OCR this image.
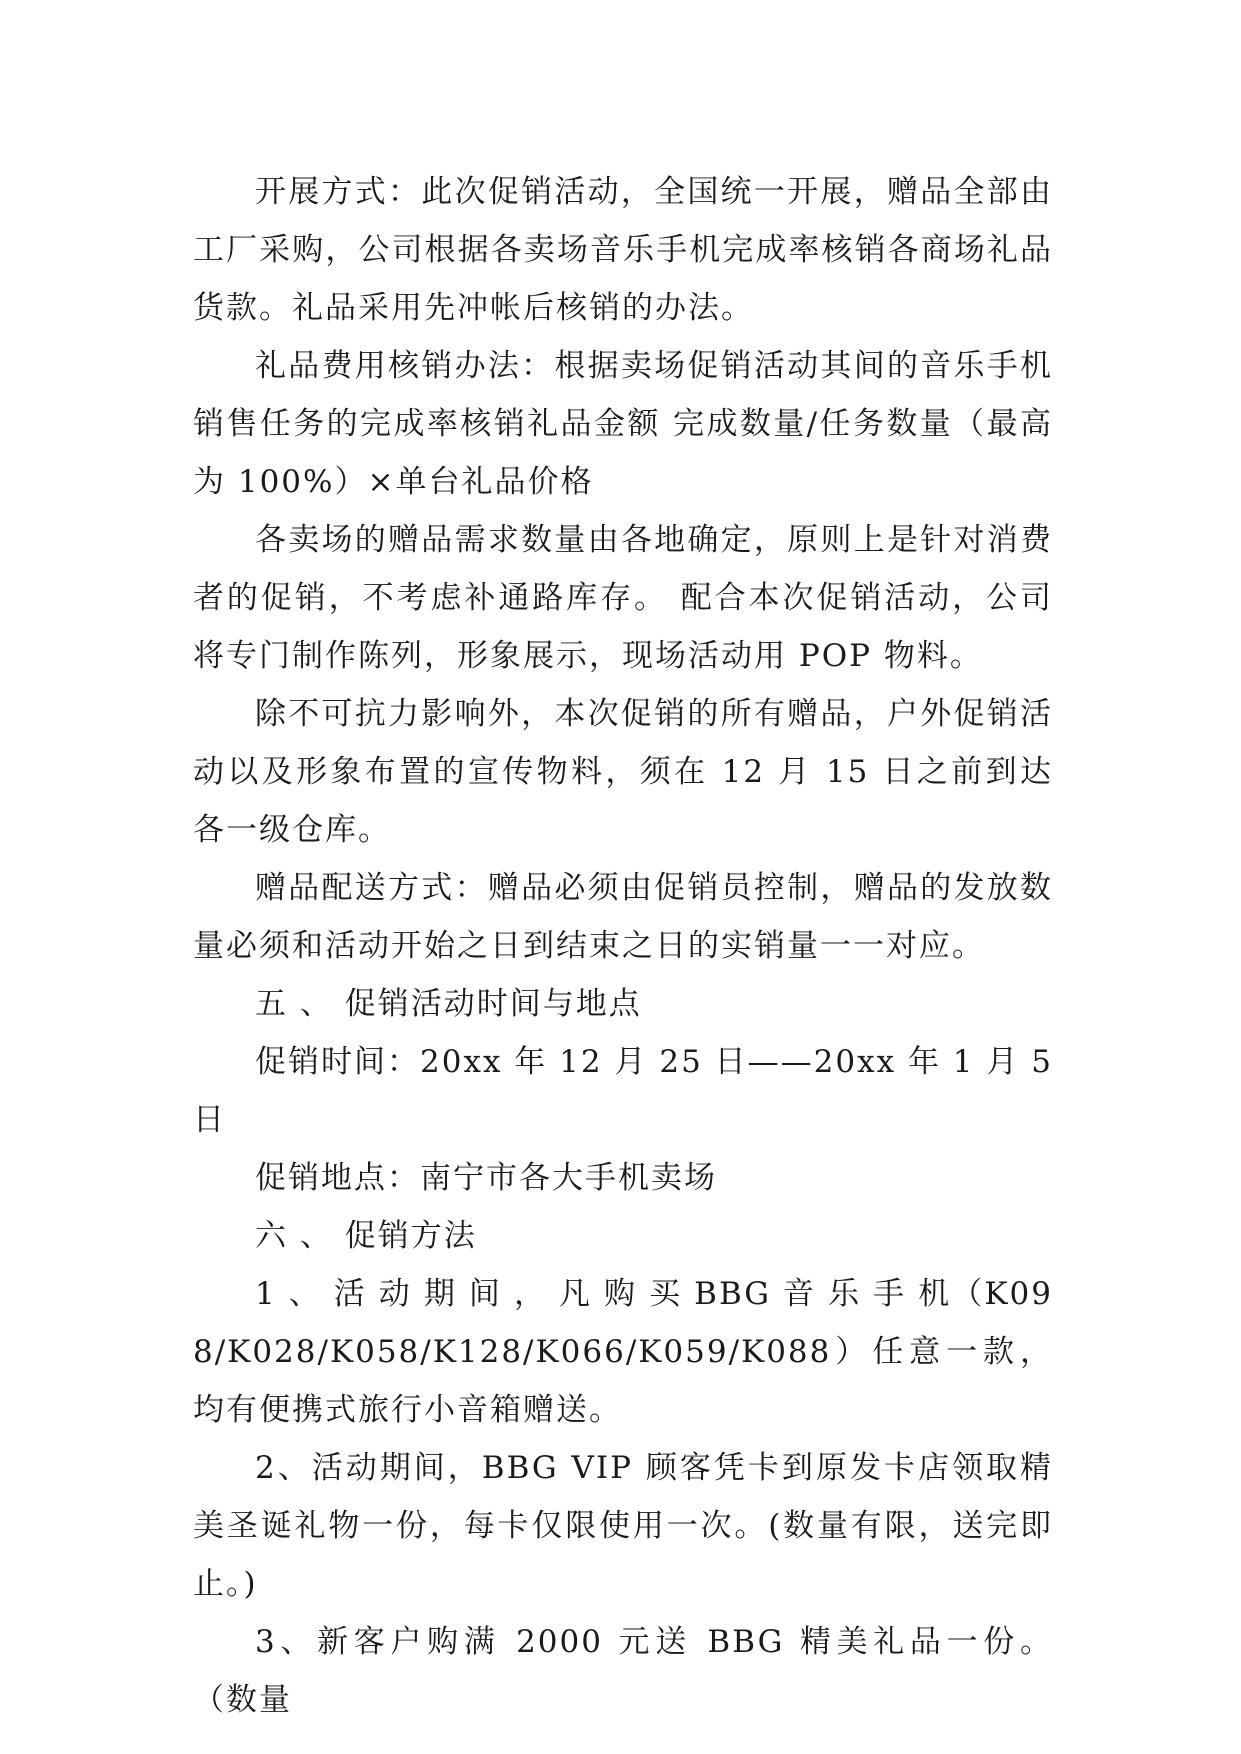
开展方式：此次促销活动，全国统一开展，赠品全部由工厂采购，公司根据各卖场音乐手机完成率核销各商场礼品货款。礼品采用先冲帐后核销的办法。

礼品费用核销办法：根据卖场促销活动其间的音乐手机销售任务的完成率核销礼品金额 完成数量/任务数量（最高为 100%）×单台礼品价格

各卖场的赠品需求数量由各地确定，原则上是针对消费者的促销，不考虑补通路库存。 配合本次促销活动，公司将专门制作陈列，形象展示，现场活动用 POP 物料。

除不可抗力影响外，本次促销的所有赠品，户外促销活动以及形象布置的宣传物料，须在 12 月 15 日之前到达各一级仓库。

赠品配送方式：赠品必须由促销员控制，赠品的发放数量必须和活动开始之日到结束之日的实销量一一对应。

五 、 促销活动时间与地点

促销时间：20xx 年 12 月 25 日——20xx 年 1 月 5 日

促销地点：南宁市各大手机卖场

六 、 促销方法

1 、 活 动 期 间 ， 凡 购 买 BBG 音 乐 手 机（K098/K028/K058/K128/K066/K059/K088）任意一款，均有便携式旅行小音箱赠送。

2、活动期间，BBG VIP 顾客凭卡到原发卡店领取精美圣诞礼物一份，每卡仅限使用一次。(数量有限，送完即止。)

3、新客户购满 2000 元送 BBG 精美礼品一份。 （数量
